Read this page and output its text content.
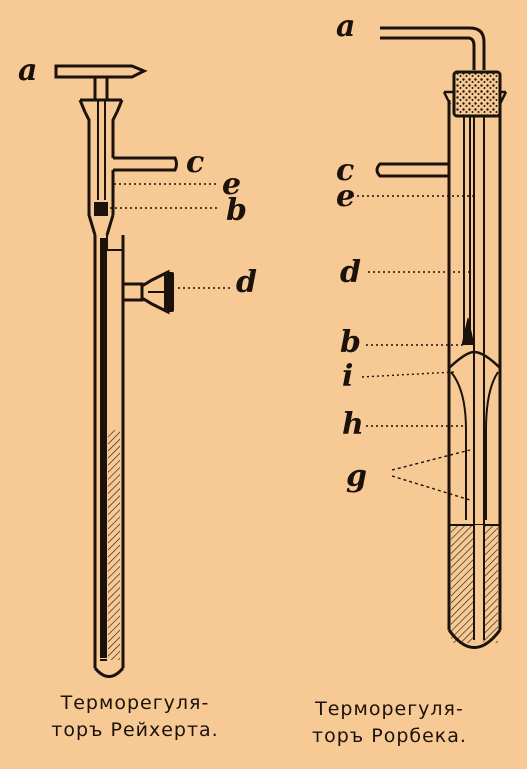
a
c
e
b
d
a
c
e
d
b
i
h
g
Терморегуля-
торъ Рейхерта.
Терморегуля-
торъ Рорбека.
